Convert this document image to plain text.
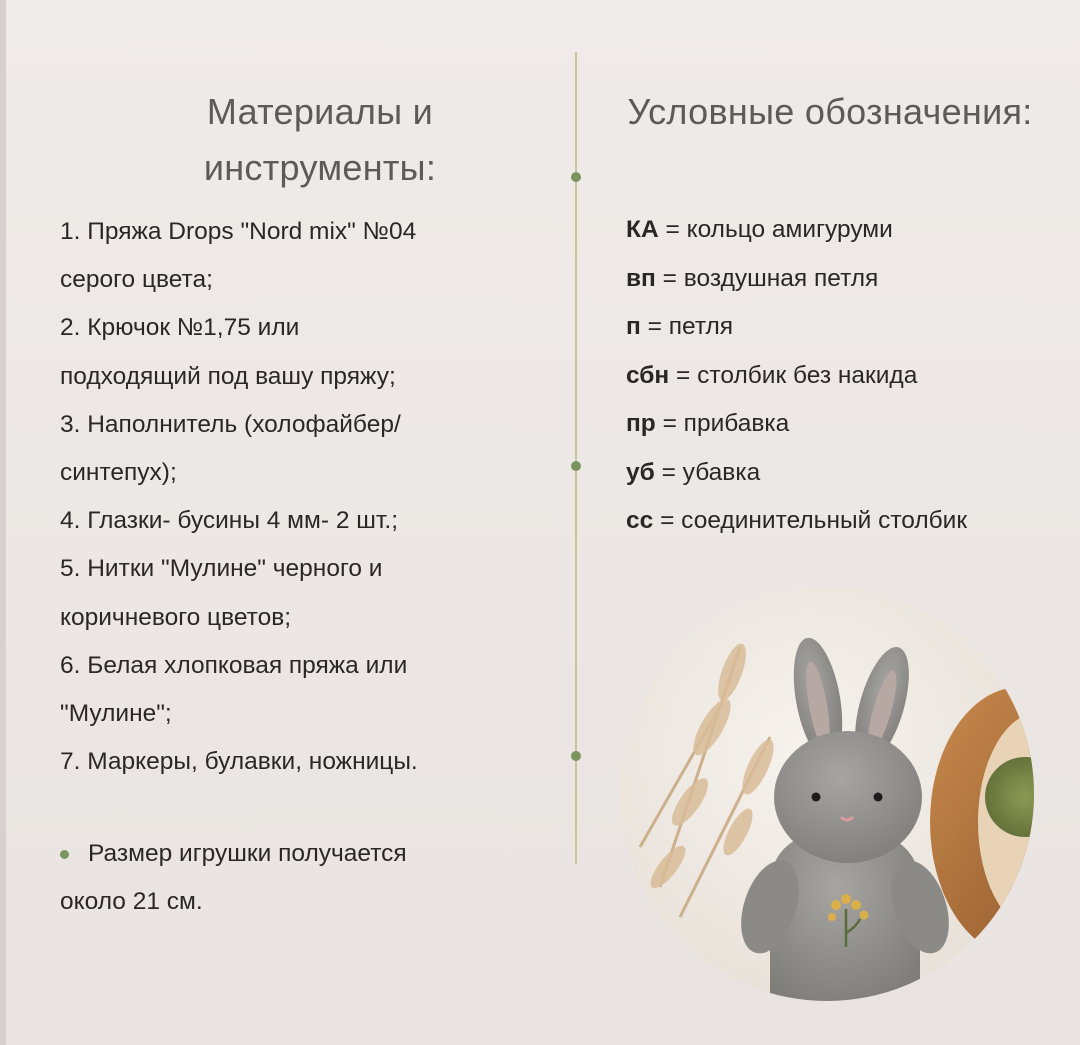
Материалы и
инструменты:
Условные обозначения:
1. Пряжа Drops "Nord mix" №04
серого цвета;
2. Крючок №1,75 или
подходящий под вашу пряжу;
3. Наполнитель (холофайбер/
синтепух);
4. Глазки- бусины 4 мм- 2 шт.;
5. Нитки "Мулине" черного и
коричневого цветов;
6. Белая хлопковая пряжа или
"Мулине";
7. Маркеры, булавки, ножницы.
КА = кольцо амигуруми
вп = воздушная петля
п = петля
сбн = столбик без накида
пр = прибавка
уб = убавка
сс = соединительный столбик
Размер игрушки получается
около 21 см.
